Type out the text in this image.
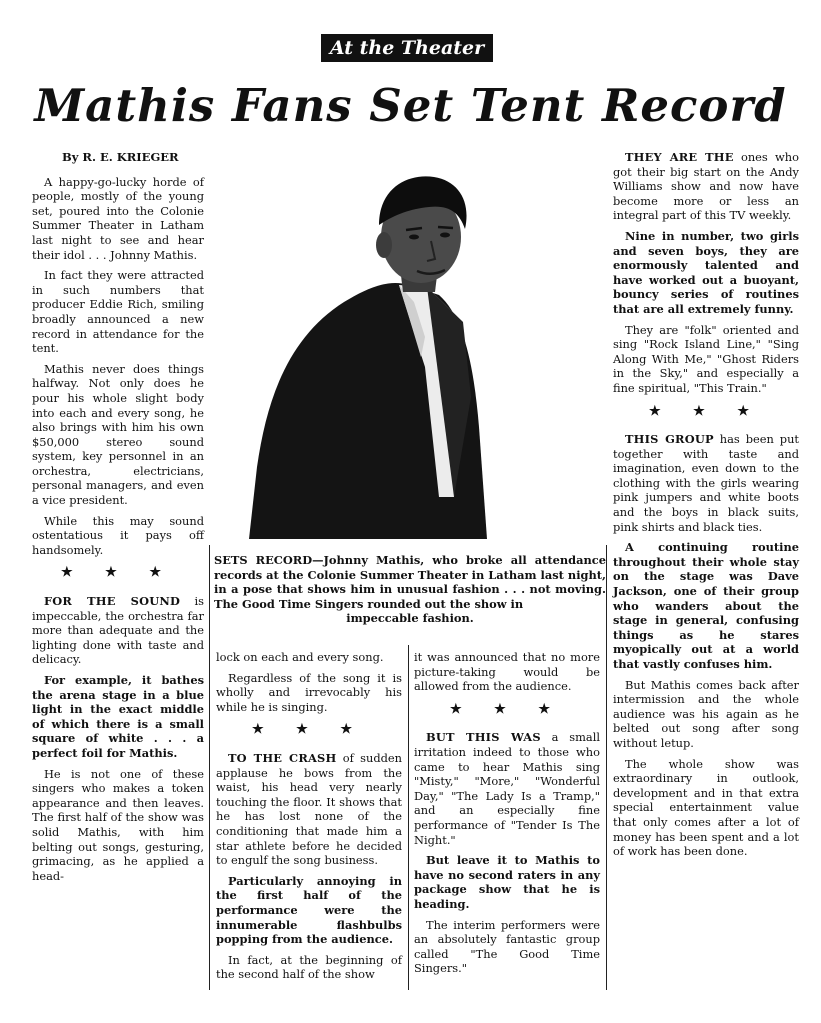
At the Theater
Mathis Fans Set Tent Record

By R. E. KRIEGER

A happy-go-lucky horde of people, mostly of the young set, poured into the Colonie Summer Theater in Latham last night to see and hear their idol . . . Johnny Mathis.

In fact they were attracted in such numbers that producer Eddie Rich, smiling broadly announced a new record in attendance for the tent.

Mathis never does things halfway. Not only does he pour his whole slight body into each and every song, he also brings with him his own $50,000 stereo sound system, key personnel in an orchestra, electricians, personal managers, and even a vice president.

While this may sound ostentatious it pays off handsomely.

★ ★ ★

FOR THE SOUND is impeccable, the orchestra far more than adequate and the lighting done with taste and delicacy.

For example, it bathes the arena stage in a blue light in the exact middle of which there is a small square of white . . . a perfect foil for Mathis.

He is not one of these singers who makes a token appearance and then leaves. The first half of the show was solid Mathis, with him belting out songs, gesturing, grimacing, as he applied a head-

SETS RECORD—Johnny Mathis, who broke all attendance records at the Colonie Summer Theater in Latham last night, in a pose that shows him in unusual fashion . . . not moving. The Good Time Singers rounded out the show in
impeccable fashion.

lock on each and every song.

Regardless of the song it is wholly and irrevocably his while he is singing.

★ ★ ★

TO THE CRASH of sudden applause he bows from the waist, his head very nearly touching the floor. It shows that he has lost none of the conditioning that made him a star athlete before he decided to engulf the song business.

Particularly annoying in the first half of the performance were the innumerable flashbulbs popping from the audience.

In fact, at the beginning of the second half of the show

it was announced that no more picture-taking would be allowed from the audience.

★ ★ ★

BUT THIS WAS a small irritation indeed to those who came to hear Mathis sing "Misty," "More," "Wonderful Day," "The Lady Is a Tramp," and an especially fine performance of "Tender Is The Night."

But leave it to Mathis to have no second raters in any package show that he is heading.

The interim performers were an absolutely fantastic group called "The Good Time Singers."

THEY ARE THE ones who got their big start on the Andy Williams show and now have become more or less an integral part of this TV weekly.

Nine in number, two girls and seven boys, they are enormously talented and have worked out a buoyant, bouncy series of routines that are all extremely funny.

They are "folk" oriented and sing "Rock Island Line," "Sing Along With Me," "Ghost Riders in the Sky," and especially a fine spiritual, "This Train."

★ ★ ★

THIS GROUP has been put together with taste and imagination, even down to the clothing with the girls wearing pink jumpers and white boots and the boys in black suits, pink shirts and black ties.

A continuing routine throughout their whole stay on the stage was Dave Jackson, one of their group who wanders about the stage in general, confusing things as he stares myopically out at a world that vastly confuses him.

But Mathis comes back after intermission and the whole audience was his again as he belted out song after song without letup.

The whole show was extraordinary in outlook, development and in that extra special entertainment value that only comes after a lot of money has been spent and a lot of work has been done.
